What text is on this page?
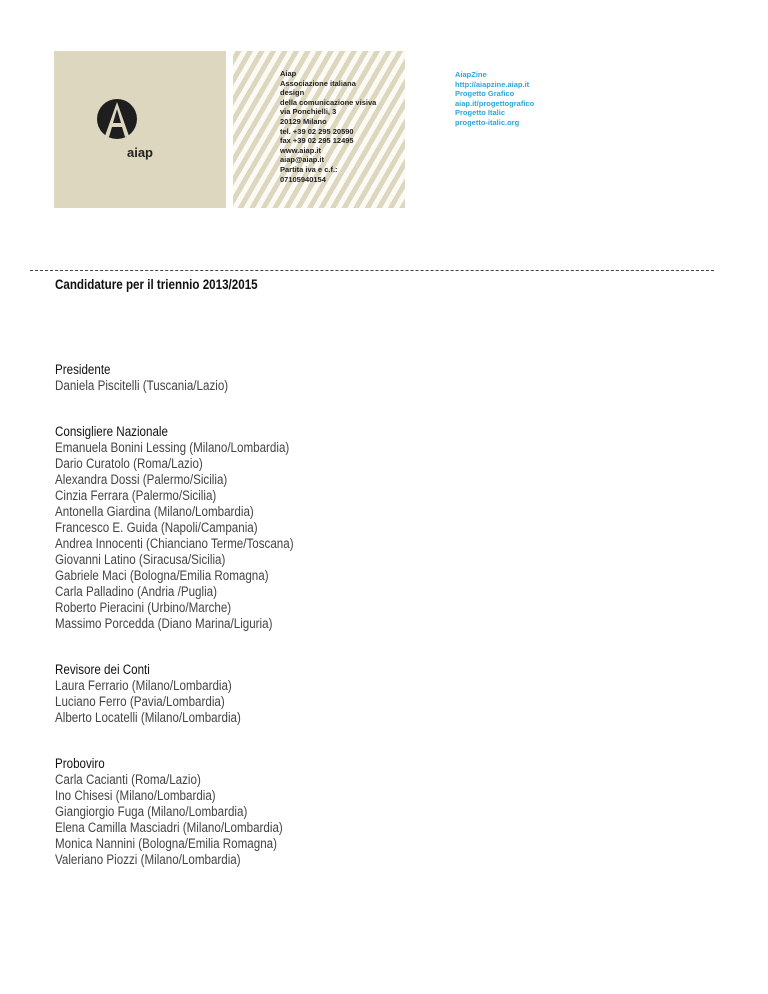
aiap
Aiap
Associazione italiana
design
della comunicazione visiva
via Ponchielli, 3
20129 Milano
tel. +39 02 295 20590
fax +39 02 295 12495
www.aiap.it
aiap@aiap.it
Partita iva e c.f.:
07105940154
AiapZine
http://aiapzine.aiap.it
Progetto Grafico
aiap.it/progettografico
Progetto Italic
progetto-italic.org
Candidature per il triennio 2013/2015
Presidente
Daniela Piscitelli (Tuscania/Lazio)
Consigliere Nazionale
Emanuela Bonini Lessing (Milano/Lombardia)
Dario Curatolo (Roma/Lazio)
Alexandra Dossi (Palermo/Sicilia)
Cinzia Ferrara (Palermo/Sicilia)
Antonella Giardina (Milano/Lombardia)
Francesco E. Guida (Napoli/Campania)
Andrea Innocenti (Chianciano Terme/Toscana)
Giovanni Latino (Siracusa/Sicilia)
Gabriele Maci (Bologna/Emilia Romagna)
Carla Palladino (Andria /Puglia)
Roberto Pieracini (Urbino/Marche)
Massimo Porcedda (Diano Marina/Liguria)
Revisore dei Conti
Laura Ferrario (Milano/Lombardia)
Luciano Ferro (Pavia/Lombardia)
Alberto Locatelli (Milano/Lombardia)
Proboviro
Carla Cacianti (Roma/Lazio)
Ino Chisesi (Milano/Lombardia)
Giangiorgio Fuga (Milano/Lombardia)
Elena Camilla Masciadri (Milano/Lombardia)
Monica Nannini (Bologna/Emilia Romagna)
Valeriano Piozzi (Milano/Lombardia)
